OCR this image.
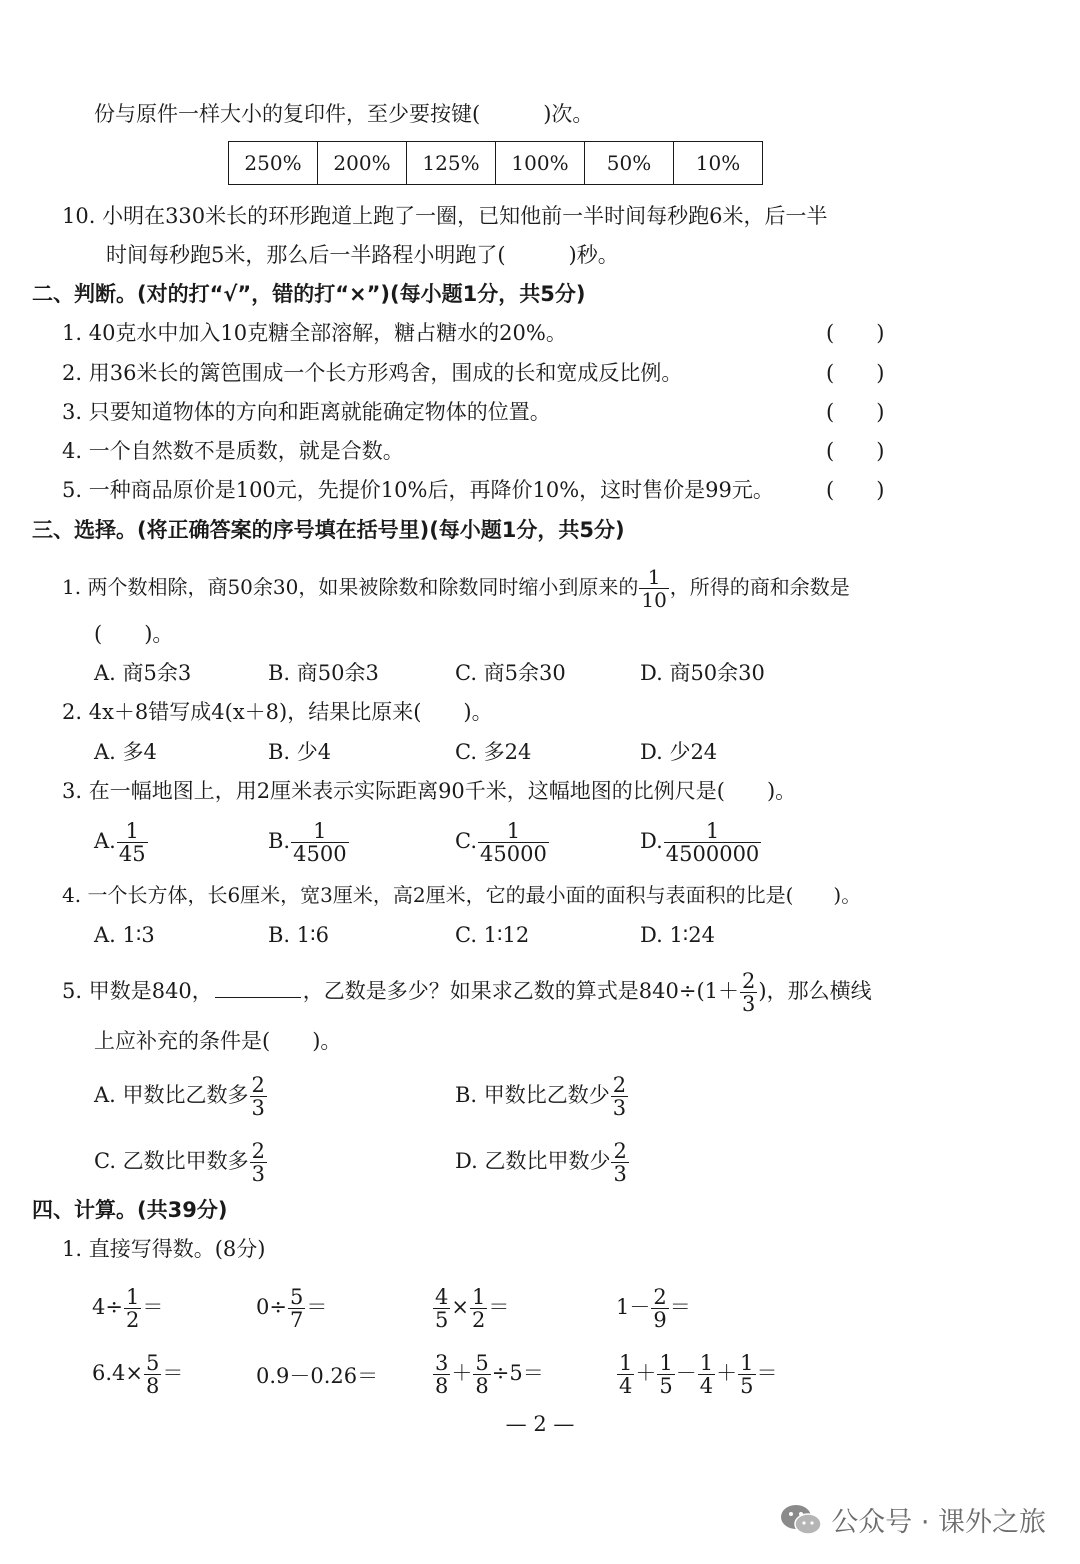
份与原件一样大小的复印件，至少要按键(　　　)次。
250%	200%	125%	100%	50%	10%
10. 小明在330米长的环形跑道上跑了一圈，已知他前一半时间每秒跑6米，后一半
时间每秒跑5米，那么后一半路程小明跑了(　　　)秒。
二、判断。(对的打“√”，错的打“×”)(每小题1分，共5分)
1. 40克水中加入10克糖全部溶解，糖占糖水的20%。	(　　)
2. 用36米长的篱笆围成一个长方形鸡舍，围成的长和宽成反比例。	(　　)
3. 只要知道物体的方向和距离就能确定物体的位置。	(　　)
4. 一个自然数不是质数，就是合数。	(　　)
5. 一种商品原价是100元，先提价10%后，再降价10%，这时售价是99元。 (　　)
三、选择。(将正确答案的序号填在括号里)(每小题1分，共5分)
1. 两个数相除，商50余30，如果被除数和除数同时缩小到原来的 $\frac{1}{10}$ ，所得的商和余数是
(　　)。
A. 商5余3	B. 商50余3	C. 商5余30	D. 商50余30
2. 4x＋8错写成4(x＋8)，结果比原来(　　)。
A. 多4	B. 少4	C. 多24	D. 少24
3. 在一幅地图上，用2厘米表示实际距离90千米，这幅地图的比例尺是(　　)。
A. $\frac{1}{45}$	B. $\frac{1}{4500}$	C. $\frac{1}{45000}$	D. $\frac{1}{4500000}$
4. 一个长方体，长6厘米，宽3厘米，高2厘米，它的最小面的面积与表面积的比是(　　)。
A. 1∶3	B. 1∶6	C. 1∶12	D. 1∶24
5. 甲数是840，	，乙数是多少？如果求乙数的算式是$840\div(1+ \frac{2}{3}$ )，那么横线
上应补充的条件是(　　)。
A. 甲数比乙数多 $\frac{2}{3}$	B. 甲数比乙数少 $\frac{2}{3}$
C. 乙数比甲数多 $\frac{2}{3}$	D. 乙数比甲数少 $\frac{2}{3}$
四、计算。(共39分)
1. 直接写得数。(8分)
$4\div \frac{1}{2}$ ＝	$0\div \frac{5}{7}$ ＝	$\frac{4}{5} \times \frac{1}{2}$ ＝	$1- \frac{2}{9}$ ＝
$6.4\times \frac{5}{8}$ ＝	0.9－0.26＝	$\frac{3}{8} + \frac{5}{8} \div 5=$	$\frac{1}{4} + \frac{1}{5} - \frac{1}{4} + \frac{1}{5}$ ＝
— 2 —
公众号 · 课外之旅
